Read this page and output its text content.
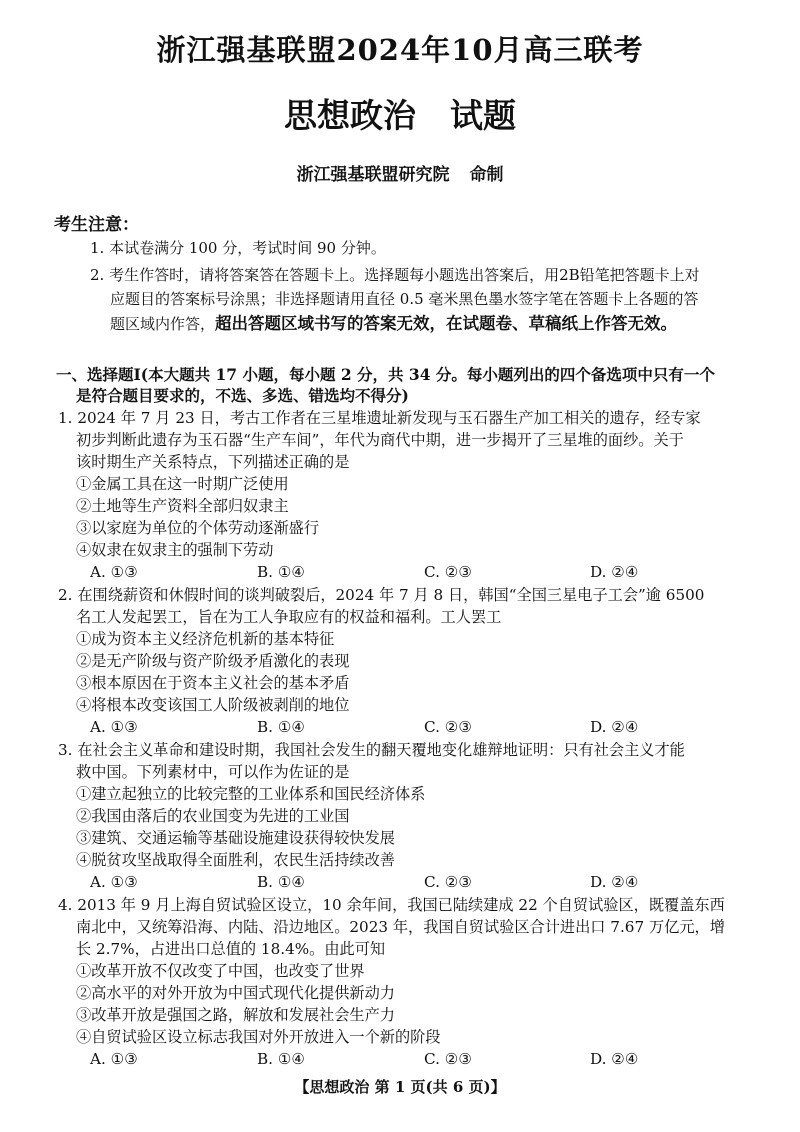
浙江强基联盟2024年10月高三联考
思想政治 试题
浙江强基联盟研究院 命制
考生注意：
1. 本试卷满分 100 分，考试时间 90 分钟。
2. 考生作答时，请将答案答在答题卡上。选择题每小题选出答案后，用2B铅笔把答题卡上对
应题目的答案标号涂黑；非选择题请用直径 0.5 毫米黑色墨水签字笔在答题卡上各题的答
题区域内作答，超出答题区域书写的答案无效，在试题卷、草稿纸上作答无效。
一、选择题Ⅰ(本大题共 17 小题，每小题 2 分，共 34 分。每小题列出的四个备选项中只有一个
是符合题目要求的，不选、多选、错选均不得分)
1. 2024 年 7 月 23 日，考古工作者在三星堆遗址新发现与玉石器生产加工相关的遗存，经专家
初步判断此遗存为玉石器“生产车间”，年代为商代中期，进一步揭开了三星堆的面纱。关于
该时期生产关系特点，下列描述正确的是
①金属工具在这一时期广泛使用
②土地等生产资料全部归奴隶主
③以家庭为单位的个体劳动逐渐盛行
④奴隶在奴隶主的强制下劳动
A. ①③	B. ①④	C. ②③	D. ②④
2. 在围绕薪资和休假时间的谈判破裂后，2024 年 7 月 8 日，韩国“全国三星电子工会”逾 6500
名工人发起罢工，旨在为工人争取应有的权益和福利。工人罢工
①成为资本主义经济危机新的基本特征
②是无产阶级与资产阶级矛盾激化的表现
③根本原因在于资本主义社会的基本矛盾
④将根本改变该国工人阶级被剥削的地位
A. ①③	B. ①④	C. ②③	D. ②④
3. 在社会主义革命和建设时期，我国社会发生的翻天覆地变化雄辩地证明：只有社会主义才能
救中国。下列素材中，可以作为佐证的是
①建立起独立的比较完整的工业体系和国民经济体系
②我国由落后的农业国变为先进的工业国
③建筑、交通运输等基础设施建设获得较快发展
④脱贫攻坚战取得全面胜利，农民生活持续改善
A. ①③	B. ①④	C. ②③	D. ②④
4. 2013 年 9 月上海自贸试验区设立，10 余年间，我国已陆续建成 22 个自贸试验区，既覆盖东西
南北中，又统筹沿海、内陆、沿边地区。2023 年，我国自贸试验区合计进出口 7.67 万亿元，增
长 2.7%，占进出口总值的 18.4%。由此可知
①改革开放不仅改变了中国，也改变了世界
②高水平的对外开放为中国式现代化提供新动力
③改革开放是强国之路，解放和发展社会生产力
④自贸试验区设立标志我国对外开放进入一个新的阶段
A. ①③	B. ①④	C. ②③	D. ②④
【思想政治 第 1 页(共 6 页)】
